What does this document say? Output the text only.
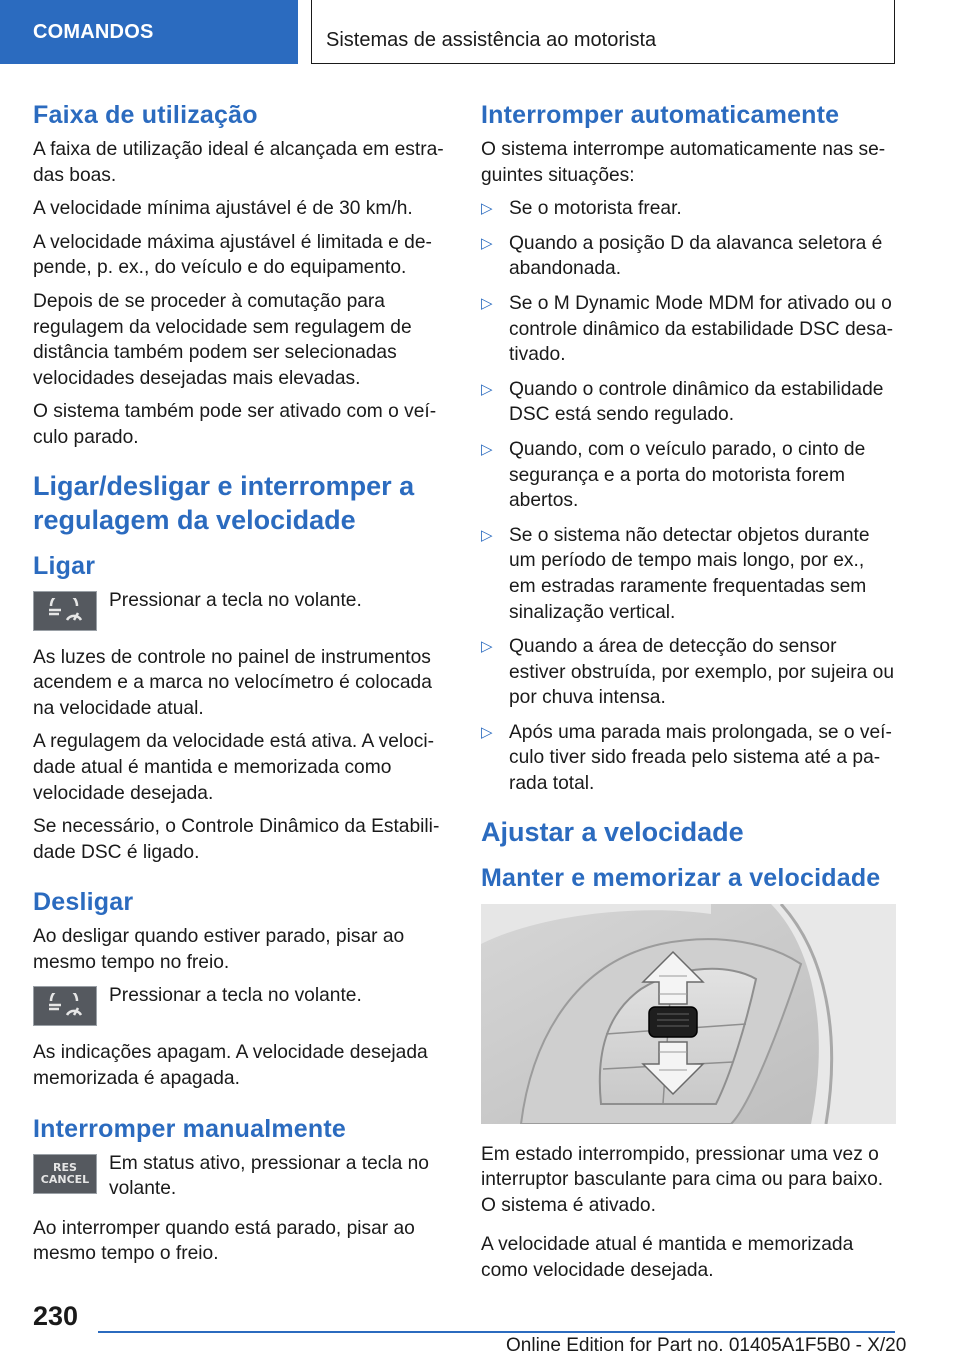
COMANDOS	Sistemas de assistência ao motorista
Faixa de utilização

A faixa de utilização ideal é alcançada em estradas boas.

A velocidade mínima ajustável é de 30 km/h.

A velocidade máxima ajustável é limitada e depende, p. ex., do veículo e do equipamento.

Depois de se proceder à comutação para regulagem da velocidade sem regulagem de distância também podem ser selecionadas velocidades desejadas mais elevadas.

O sistema também pode ser ativado com o veículo parado.

Ligar/desligar e interromper a regulagem da velocidade
Ligar

Pressionar a tecla no volante.

As luzes de controle no painel de instrumentos acendem e a marca no velocímetro é colocada na velocidade atual.

A regulagem da velocidade está ativa. A velocidade atual é mantida e memorizada como velocidade desejada.

Se necessário, o Controle Dinâmico da Estabilidade DSC é ligado.

Desligar

Ao desligar quando estiver parado, pisar ao mesmo tempo no freio.

Pressionar a tecla no volante.

As indicações apagam. A velocidade desejada memorizada é apagada.

Interromper manualmente
RES
CANCEL

Em status ativo, pressionar a tecla no volante.

Ao interromper quando está parado, pisar ao mesmo tempo o freio.

Interromper automaticamente

O sistema interrompe automaticamente nas seguintes situações:

▷ Se o motorista frear.
▷ Quando a posição D da alavanca seletora é abandonada.
▷ Se o M Dynamic Mode MDM for ativado ou o controle dinâmico da estabilidade DSC desativado.
▷ Quando o controle dinâmico da estabilidade DSC está sendo regulado.
▷ Quando, com o veículo parado, o cinto de segurança e a porta do motorista forem abertos.
▷ Se o sistema não detectar objetos durante um período de tempo mais longo, por ex., em estradas raramente frequentadas sem sinalização vertical.
▷ Quando a área de detecção do sensor estiver obstruída, por exemplo, por sujeira ou por chuva intensa.
▷ Após uma parada mais prolongada, se o veículo tiver sido freada pelo sistema até a parada total.
Ajustar a velocidade
Manter e memorizar a velocidade

Em estado interrompido, pressionar uma vez o interruptor basculante para cima ou para baixo. O sistema é ativado.

A velocidade atual é mantida e memorizada como velocidade desejada.

230
Online Edition for Part no. 01405A1F5B0 - X/20
